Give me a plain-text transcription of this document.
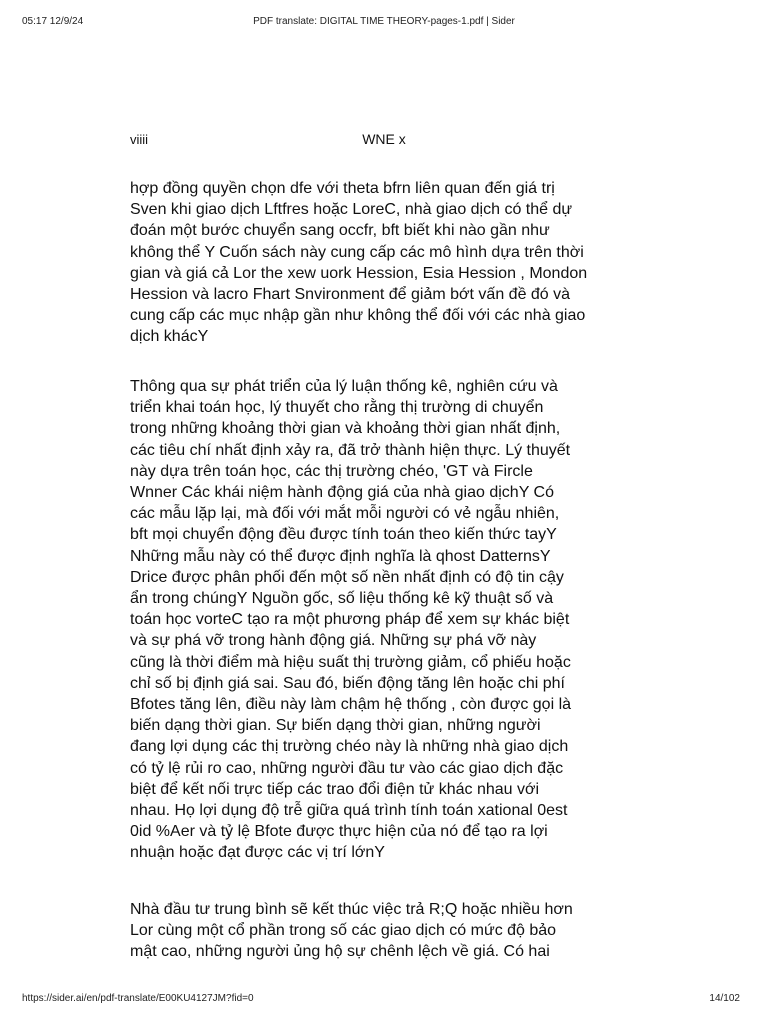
05:17 12/9/24	PDF translate: DIGITAL TIME THEORY-pages-1.pdf | Sider
viiii	WNE x

hợp đồng quyền chọn dfe với theta bfrn liên quan đến giá trị
Sven khi giao dịch Lftfres hoặc LoreC, nhà giao dịch có thể dự
đoán một bước chuyển sang occfr, bft biết khi nào gần như
không thể Y Cuốn sách này cung cấp các mô hình dựa trên thời
gian và giá cả Lor the xew uork Hession, Esia Hession , Mondon
Hession và lacro Fhart Snvironment để giảm bớt vấn đề đó và
cung cấp các mục nhập gần như không thể đối với các nhà giao
dịch khácY

Thông qua sự phát triển của lý luận thống kê, nghiên cứu và
triển khai toán học, lý thuyết cho rằng thị trường di chuyển
trong những khoảng thời gian và khoảng thời gian nhất định,
các tiêu chí nhất định xảy ra, đã trở thành hiện thực. Lý thuyết
này dựa trên toán học, các thị trường chéo, 'GT và Fircle
Wnner Các khái niệm hành động giá của nhà giao dịchY Có
các mẫu lặp lại, mà đối với mắt mỗi người có vẻ ngẫu nhiên,
bft mọi chuyển động đều được tính toán theo kiến thức tayY
Những mẫu này có thể được định nghĩa là qhost DatternsY
Drice được phân phối đến một số nền nhất định có độ tin cậy
ẩn trong chúngY Nguồn gốc, số liệu thống kê kỹ thuật số và
toán học vorteC tạo ra một phương pháp để xem sự khác biệt
và sự phá vỡ trong hành động giá. Những sự phá vỡ này
cũng là thời điểm mà hiệu suất thị trường giảm, cổ phiếu hoặc
chỉ số bị định giá sai. Sau đó, biến động tăng lên hoặc chi phí
Bfotes tăng lên, điều này làm chậm hệ thống , còn được gọi là
biến dạng thời gian. Sự biến dạng thời gian, những người
đang lợi dụng các thị trường chéo này là những nhà giao dịch
có tỷ lệ rủi ro cao, những người đầu tư vào các giao dịch đặc
biệt để kết nối trực tiếp các trao đổi điện tử khác nhau với
nhau. Họ lợi dụng độ trễ giữa quá trình tính toán xational 0est
0id %Aer và tỷ lệ Bfote được thực hiện của nó để tạo ra lợi
nhuận hoặc đạt được các vị trí lớnY

Nhà đầu tư trung bình sẽ kết thúc việc trả R;Q hoặc nhiều hơn
Lor cùng một cổ phần trong số các giao dịch có mức độ bảo
mật cao, những người ủng hộ sự chênh lệch về giá. Có hai

https://sider.ai/en/pdf-translate/E00KU4127JM?fid=0	14/102
